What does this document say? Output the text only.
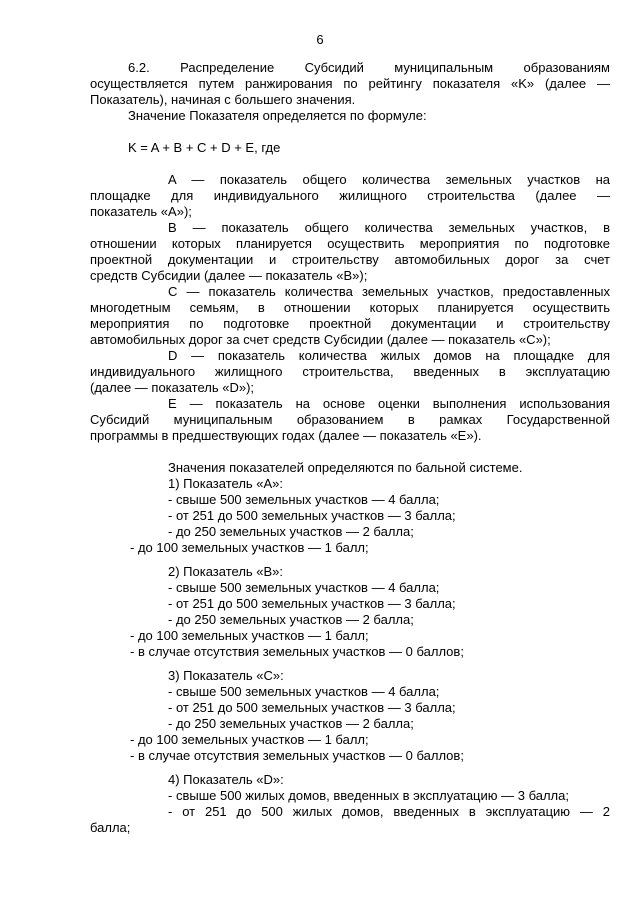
6
6.2. Распределение Субсидий муниципальным образованиям
осуществляется путем ранжирования по рейтингу показателя «K» (далее —
Показатель), начиная с большего значения.
Значение Показателя определяется по формуле:
K = A + B + C + D + E, где
A — показатель общего количества земельных участков на
площадке для индивидуального жилищного строительства (далее —
показатель «A»);
B — показатель общего количества земельных участков, в
отношении которых планируется осуществить мероприятия по подготовке
проектной документации и строительству автомобильных дорог за счет
средств Субсидии (далее — показатель «B»);
C — показатель количества земельных участков, предоставленных
многодетным семьям, в отношении которых планируется осуществить
мероприятия по подготовке проектной документации и строительству
автомобильных дорог за счет средств Субсидии (далее — показатель «C»);
D — показатель количества жилых домов на площадке для
индивидуального жилищного строительства, введенных в эксплуатацию
(далее — показатель «D»);
E — показатель на основе оценки выполнения использования
Субсидий муниципальным образованием в рамках Государственной
программы в предшествующих годах (далее — показатель «E»).
Значения показателей определяются по бальной системе.
1) Показатель «A»:
- свыше 500 земельных участков — 4 балла;
- от 251 до 500 земельных участков — 3 балла;
- до 250 земельных участков — 2 балла;
- до 100 земельных участков — 1 балл;
2) Показатель «B»:
- свыше 500 земельных участков — 4 балла;
- от 251 до 500 земельных участков — 3 балла;
- до 250 земельных участков — 2 балла;
- до 100 земельных участков — 1 балл;
- в случае отсутствия земельных участков — 0 баллов;
3) Показатель «C»:
- свыше 500 земельных участков — 4 балла;
- от 251 до 500 земельных участков — 3 балла;
- до 250 земельных участков — 2 балла;
- до 100 земельных участков — 1 балл;
- в случае отсутствия земельных участков — 0 баллов;
4) Показатель «D»:
- свыше 500 жилых домов, введенных в эксплуатацию — 3 балла;
- от 251 до 500 жилых домов, введенных в эксплуатацию — 2
балла;
